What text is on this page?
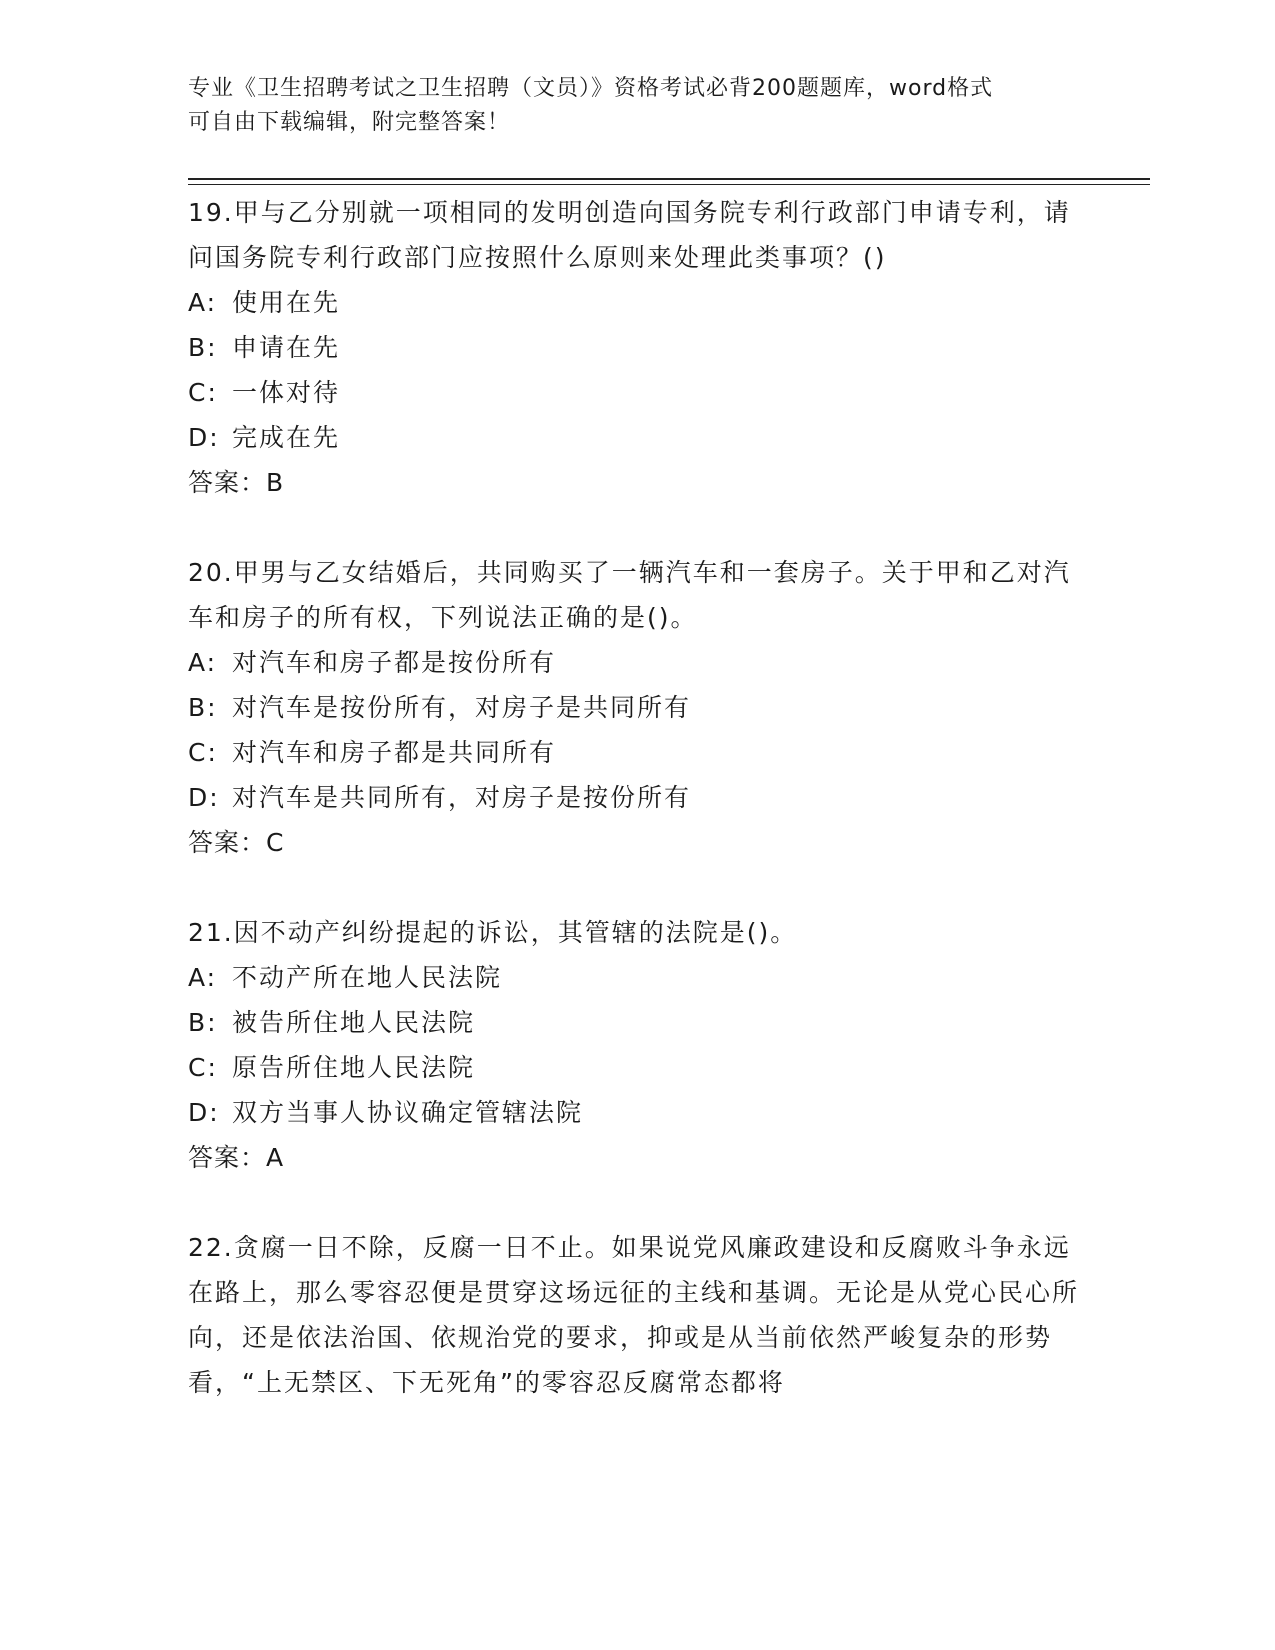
专业《卫生招聘考试之卫生招聘（文员）》资格考试必背200题题库，word格式
可自由下载编辑，附完整答案！
19.甲与乙分别就一项相同的发明创造向国务院专利行政部门申请专利，请问国务院专利行政部门应按照什么原则来处理此类事项？()
A: 使用在先
B: 申请在先
C: 一体对待
D: 完成在先
答案：B
20.甲男与乙女结婚后，共同购买了一辆汽车和一套房子。关于甲和乙对汽车和房子的所有权，下列说法正确的是()。
A: 对汽车和房子都是按份所有
B: 对汽车是按份所有，对房子是共同所有
C: 对汽车和房子都是共同所有
D: 对汽车是共同所有，对房子是按份所有
答案：C
21.因不动产纠纷提起的诉讼，其管辖的法院是()。
A: 不动产所在地人民法院
B: 被告所住地人民法院
C: 原告所住地人民法院
D: 双方当事人协议确定管辖法院
答案：A
22.贪腐一日不除，反腐一日不止。如果说党风廉政建设和反腐败斗争永远在路上，那么零容忍便是贯穿这场远征的主线和基调。无论是从党心民心所向，还是依法治国、依规治党的要求，抑或是从当前依然严峻复杂的形势看，“上无禁区、下无死角”的零容忍反腐常态都将
